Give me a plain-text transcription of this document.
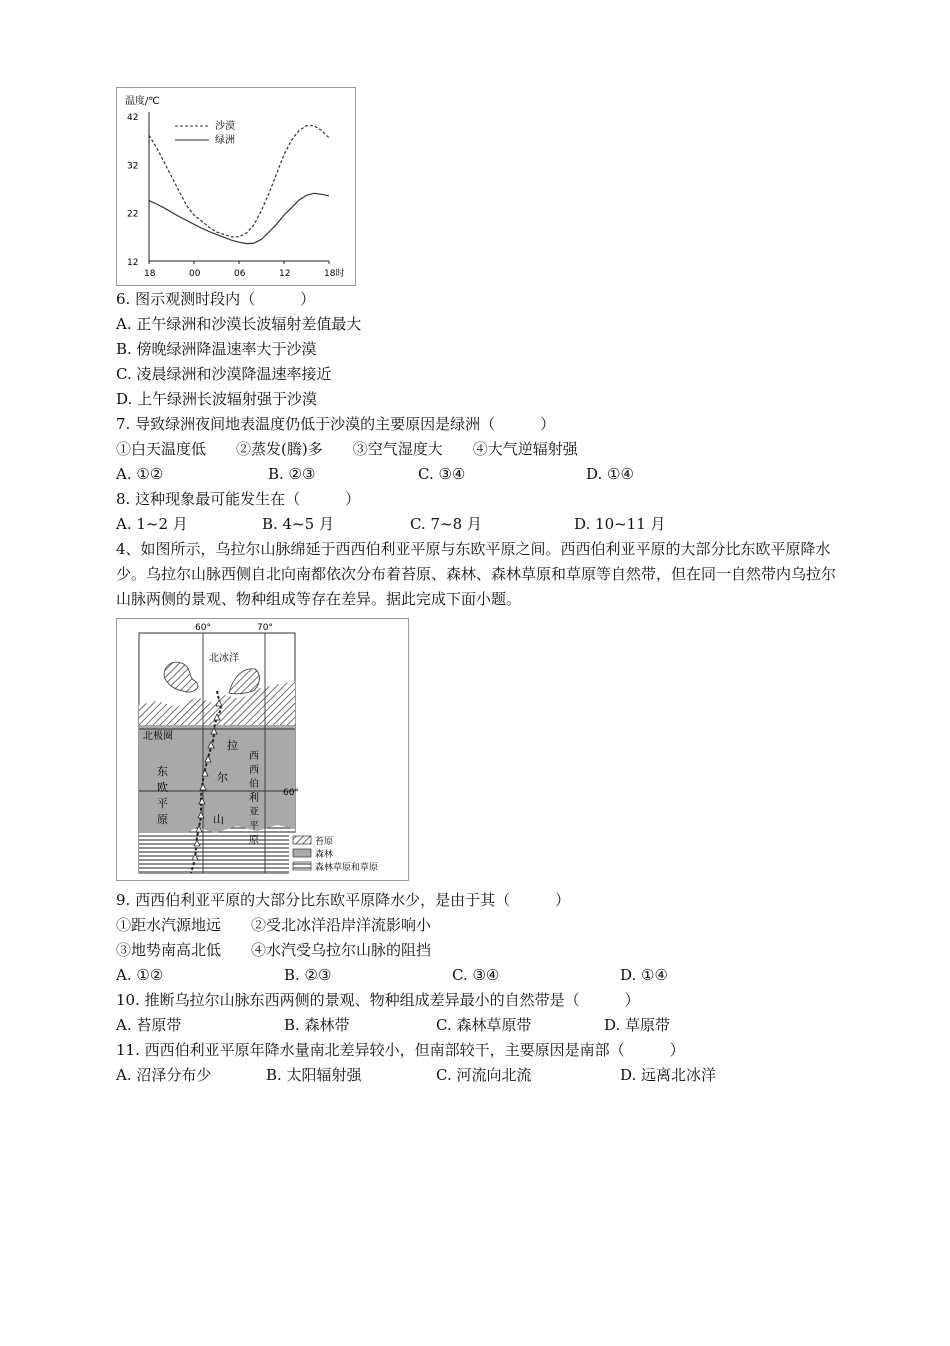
温度/℃
42
32
22
12
18	00	06	12	18时
沙漠
绿洲
6. 图示观测时段内（　　　）
A. 正午绿洲和沙漠长波辐射差值最大
B. 傍晚绿洲降温速率大于沙漠
C. 凌晨绿洲和沙漠降温速率接近
D. 上午绿洲长波辐射强于沙漠
7. 导致绿洲夜间地表温度仍低于沙漠的主要原因是绿洲（　　　）
①白天温度低　　②蒸发(腾)多　　③空气湿度大　　④大气逆辐射强
A. ①②	B. ②③	C. ③④	D. ①④
8. 这种现象最可能发生在（　　　）
A. 1~2 月	B. 4~5 月	C. 7~8 月	D. 10~11 月
4、如图所示，乌拉尔山脉绵延于西西伯利亚平原与东欧平原之间。西西伯利亚平原的大部分比东欧平原降水少。乌拉尔山脉西侧自北向南都依次分布着苔原、森林、森林草原和草原等自然带，但在同一自然带内乌拉尔山脉两侧的景观、物种组成等存在差异。据此完成下面小题。
60°	70°
60°
北冰洋
北极圈
拉
尔
山
东
欧
平
原
西
西
伯
利
亚
平
原	苔原
森林
森林草原和草原
9. 西西伯利亚平原的大部分比东欧平原降水少，是由于其（　　　）
①距水汽源地远　　②受北冰洋沿岸洋流影响小
③地势南高北低　　④水汽受乌拉尔山脉的阻挡
A. ①②	B. ②③	C. ③④	D. ①④
10. 推断乌拉尔山脉东西两侧的景观、物种组成差异最小的自然带是（　　　）
A. 苔原带	B. 森林带	C. 森林草原带	D. 草原带
11. 西西伯利亚平原年降水量南北差异较小，但南部较干，主要原因是南部（　　　）
A. 沼泽分布少	B. 太阳辐射强	C. 河流向北流	D. 远离北冰洋
